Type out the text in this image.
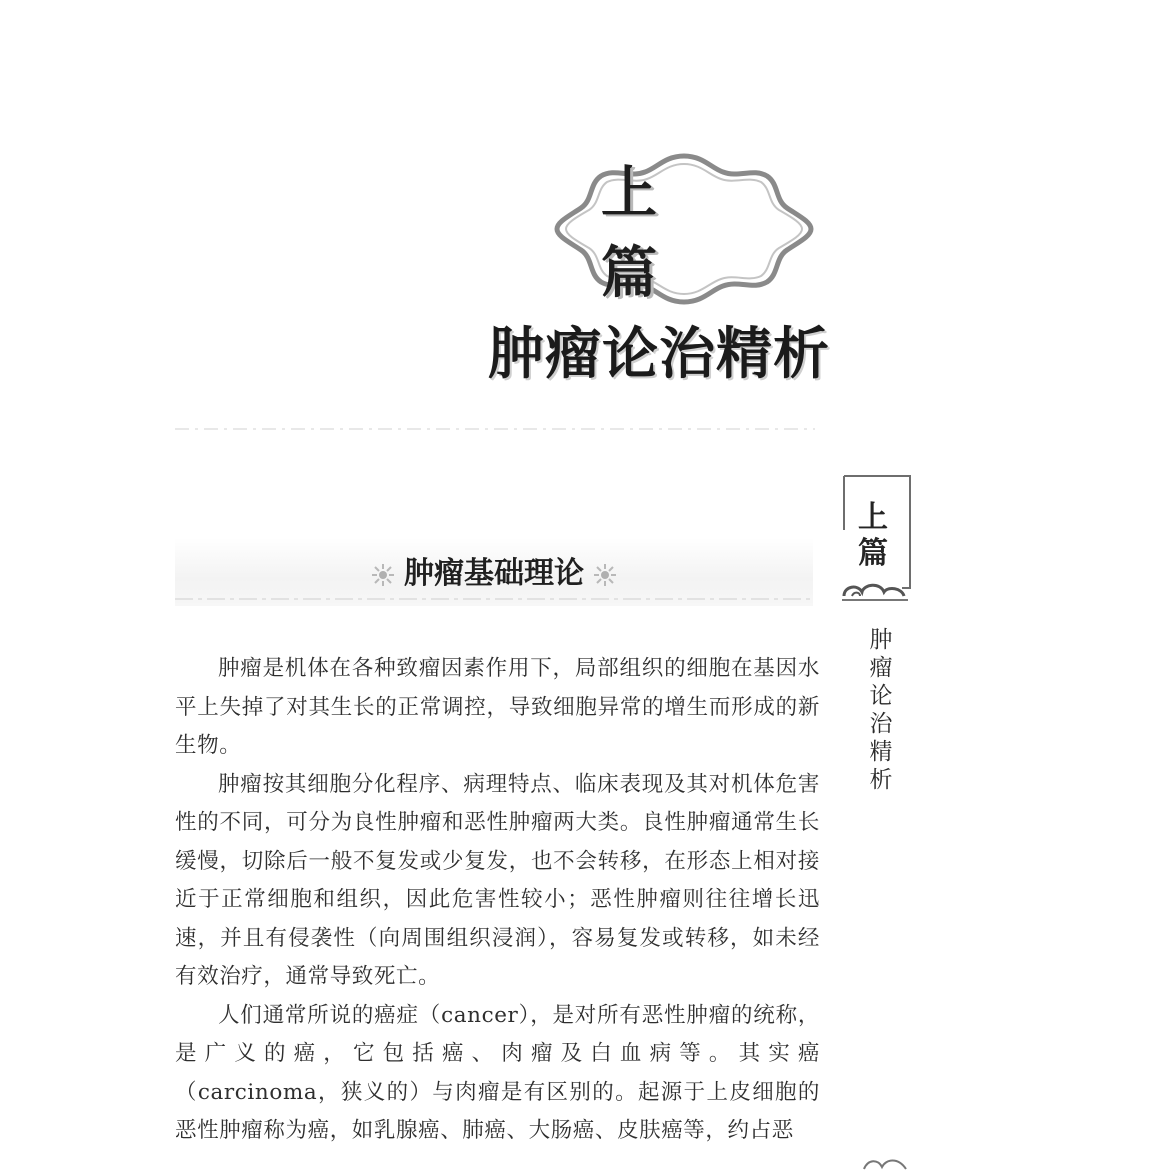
上 篇
肿瘤论治精析
肿瘤基础理论

肿瘤是机体在各种致瘤因素作用下，局部组织的细胞在基因水平上失掉了对其生长的正常调控，导致细胞异常的增生而形成的新生物。

肿瘤按其细胞分化程序、病理特点、临床表现及其对机体危害性的不同，可分为良性肿瘤和恶性肿瘤两大类。良性肿瘤通常生长缓慢，切除后一般不复发或少复发，也不会转移，在形态上相对接近于正常细胞和组织，因此危害性较小；恶性肿瘤则往往增长迅速，并且有侵袭性（向周围组织浸润），容易复发或转移，如未经有效治疗，通常导致死亡。

人们通常所说的癌症（cancer），是对所有恶性肿瘤的统称，是广义的癌，它包括癌、肉瘤及白血病等。其实癌（carcinoma，狭义的）与肉瘤是有区别的。起源于上皮细胞的恶性肿瘤称为癌，如乳腺癌、肺癌、大肠癌、皮肤癌等，约占恶

上
篇
肿
瘤
论
治
精
析
